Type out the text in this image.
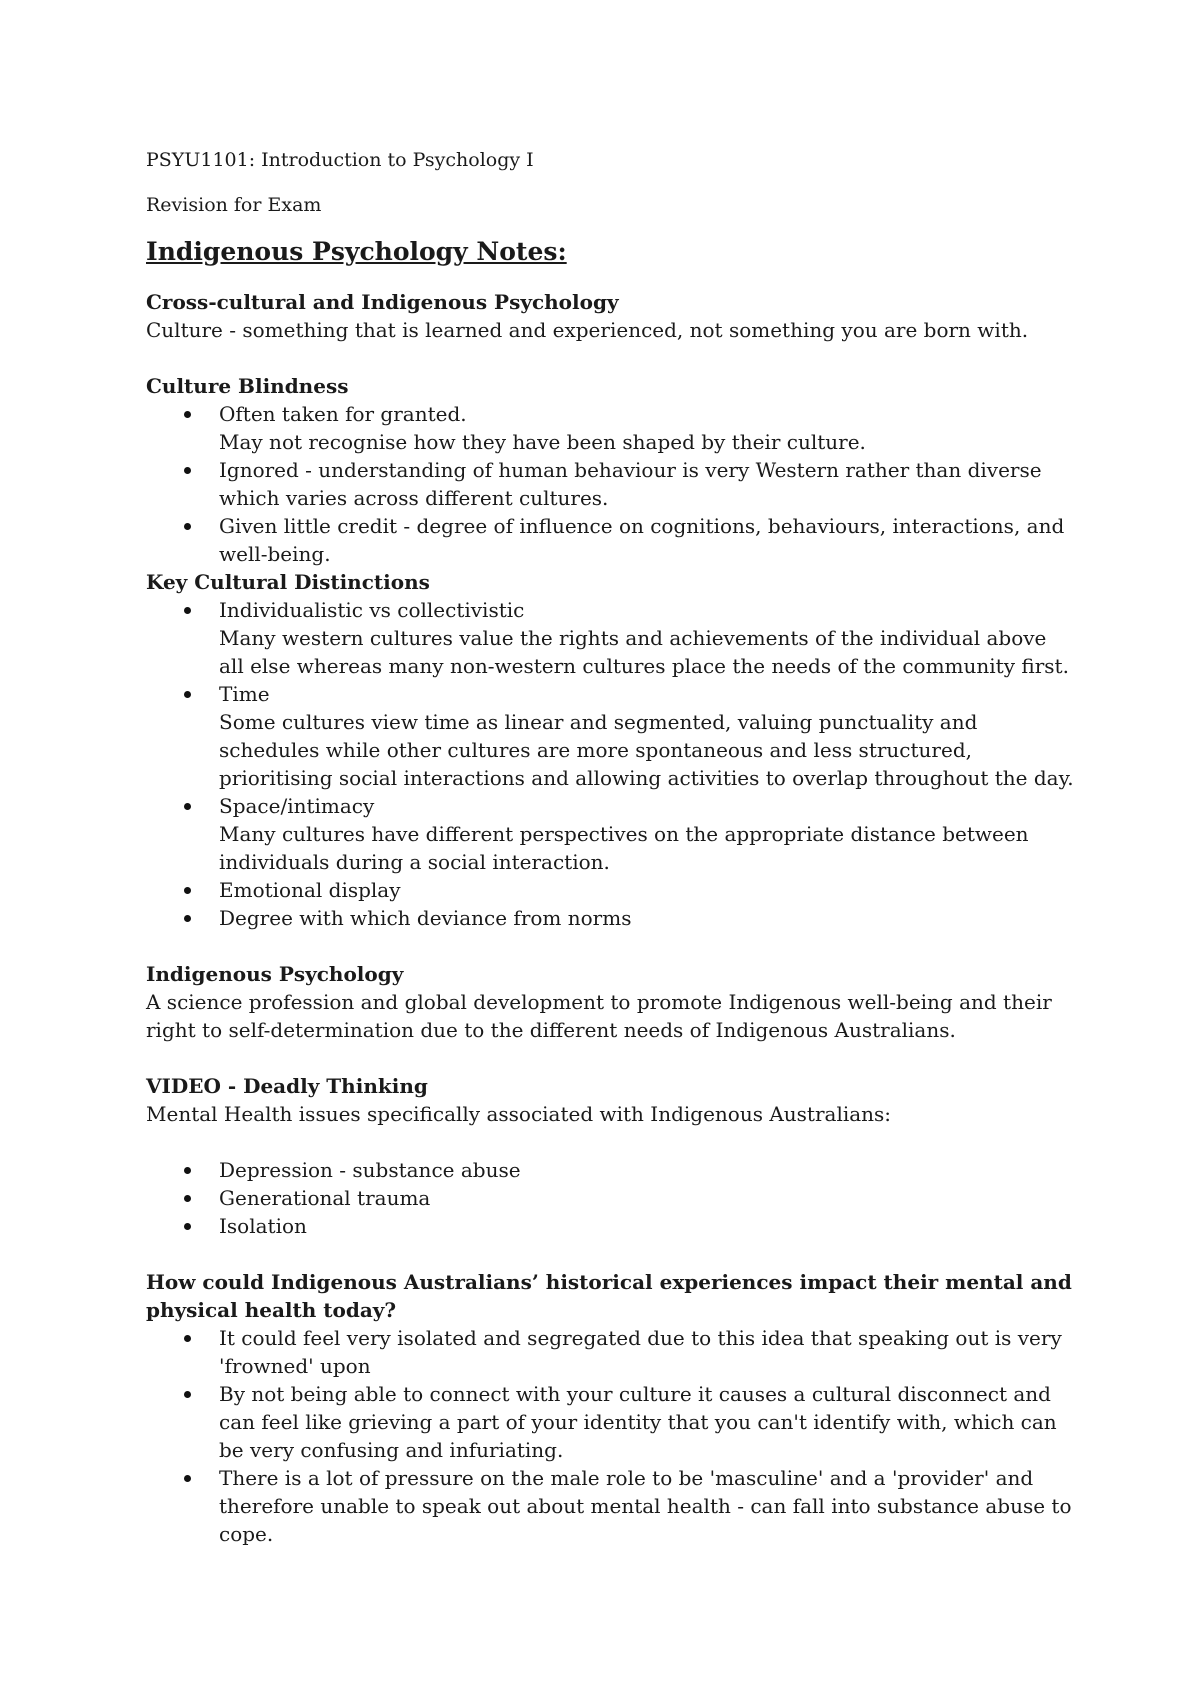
PSYU1101: Introduction to Psychology I
Revision for Exam
Indigenous Psychology Notes:

Cross-cultural and Indigenous Psychology

Culture - something that is learned and experienced, not something you are born with.

Culture Blindness

Often taken for granted.
May not recognise how they have been shaped by their culture.
Ignored - understanding of human behaviour is very Western rather than diverse which varies across different cultures.
Given little credit - degree of influence on cognitions, behaviours, interactions, and well-being.

Key Cultural Distinctions

Individualistic vs collectivistic
Many western cultures value the rights and achievements of the individual above all else whereas many non-western cultures place the needs of the community first.
Time
Some cultures view time as linear and segmented, valuing punctuality and schedules while other cultures are more spontaneous and less structured, prioritising social interactions and allowing activities to overlap throughout the day.
Space/intimacy
Many cultures have different perspectives on the appropriate distance between individuals during a social interaction.
Emotional display
Degree with which deviance from norms

Indigenous Psychology

A science profession and global development to promote Indigenous well-being and their right to self-determination due to the different needs of Indigenous Australians.

VIDEO - Deadly Thinking

Mental Health issues specifically associated with Indigenous Australians:

Depression - substance abuse
Generational trauma
Isolation

How could Indigenous Australians’ historical experiences impact their mental and physical health today?

It could feel very isolated and segregated due to this idea that speaking out is very 'frowned' upon
By not being able to connect with your culture it causes a cultural disconnect and can feel like grieving a part of your identity that you can't identify with, which can be very confusing and infuriating.
There is a lot of pressure on the male role to be 'masculine' and a 'provider' and therefore unable to speak out about mental health - can fall into substance abuse to cope.
